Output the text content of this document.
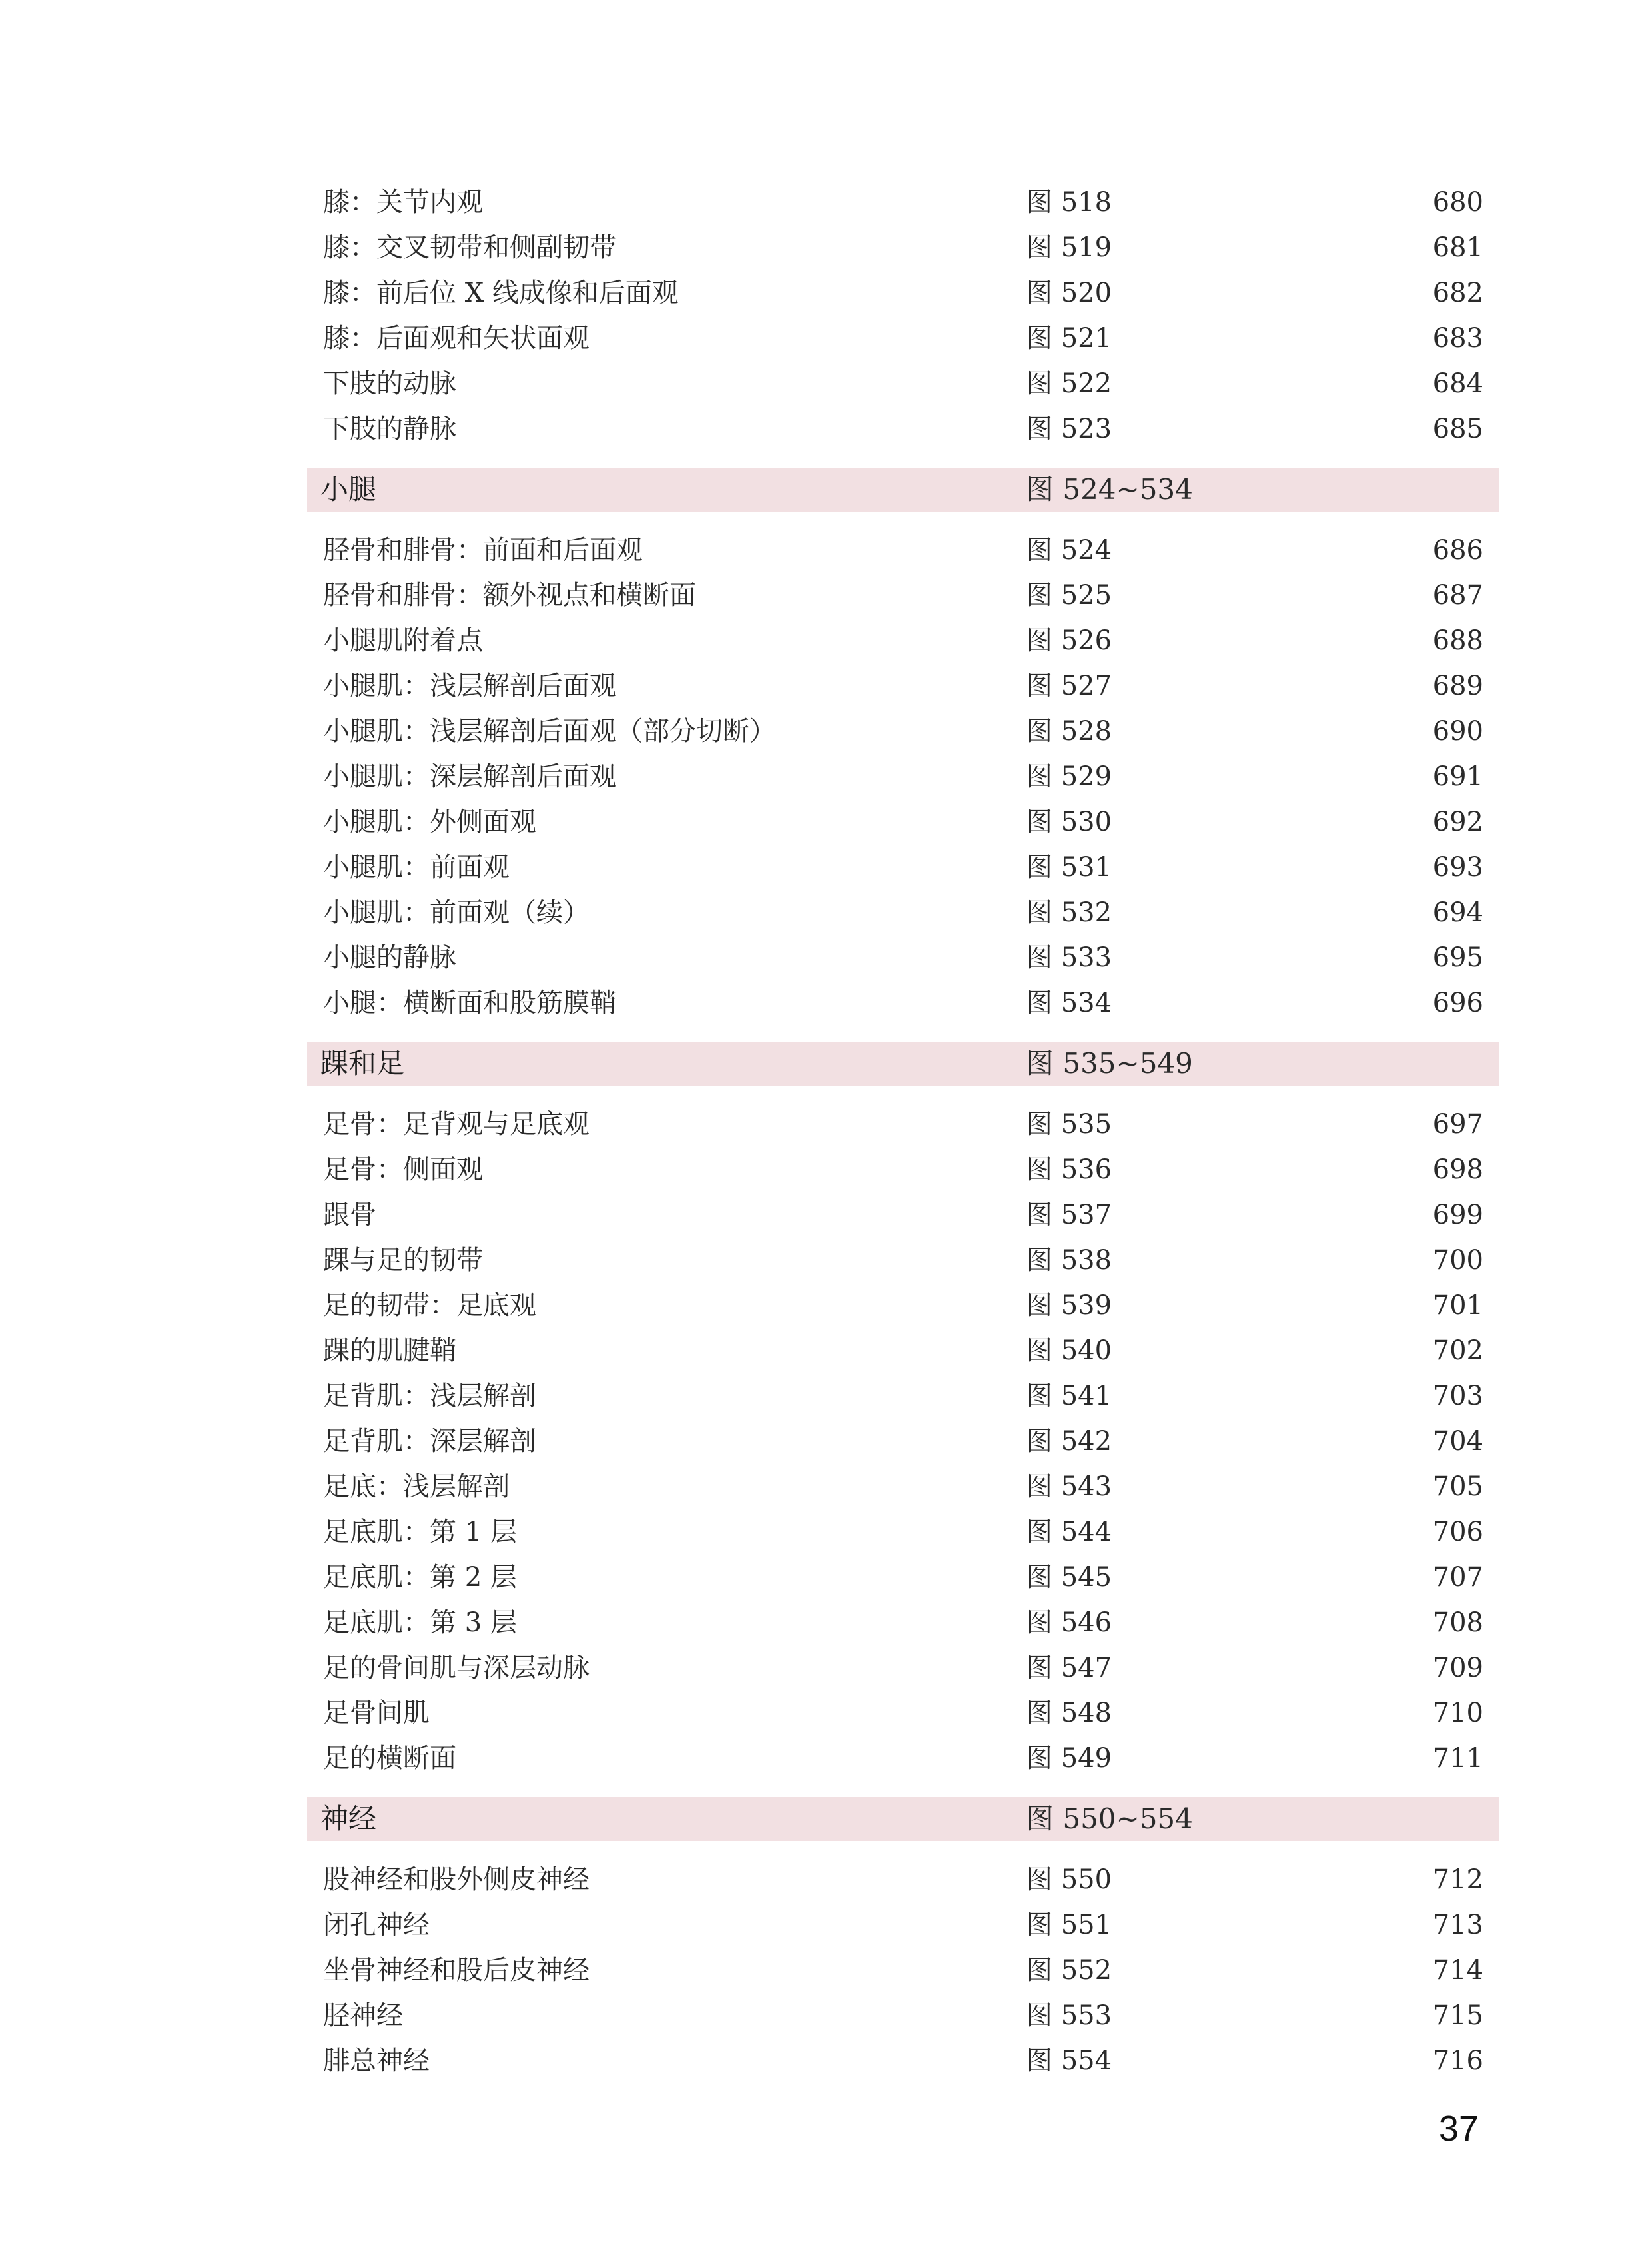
膝：关节内观	图 518	680
膝：交叉韧带和侧副韧带	图 519	681
膝：前后位 X 线成像和后面观	图 520	682
膝：后面观和矢状面观	图 521	683
下肢的动脉	图 522	684
下肢的静脉	图 523	685
小腿	图 524~534
胫骨和腓骨：前面和后面观	图 524	686
胫骨和腓骨：额外视点和横断面	图 525	687
小腿肌附着点	图 526	688
小腿肌：浅层解剖后面观	图 527	689
小腿肌：浅层解剖后面观（部分切断）	图 528	690
小腿肌：深层解剖后面观	图 529	691
小腿肌：外侧面观	图 530	692
小腿肌：前面观	图 531	693
小腿肌：前面观（续）	图 532	694
小腿的静脉	图 533	695
小腿：横断面和股筋膜鞘	图 534	696
踝和足	图 535~549
足骨：足背观与足底观	图 535	697
足骨：侧面观	图 536	698
跟骨	图 537	699
踝与足的韧带	图 538	700
足的韧带：足底观	图 539	701
踝的肌腱鞘	图 540	702
足背肌：浅层解剖	图 541	703
足背肌：深层解剖	图 542	704
足底：浅层解剖	图 543	705
足底肌：第 1 层	图 544	706
足底肌：第 2 层	图 545	707
足底肌：第 3 层	图 546	708
足的骨间肌与深层动脉	图 547	709
足骨间肌	图 548	710
足的横断面	图 549	711
神经	图 550~554
股神经和股外侧皮神经	图 550	712
闭孔神经	图 551	713
坐骨神经和股后皮神经	图 552	714
胫神经	图 553	715
腓总神经	图 554	716
37
